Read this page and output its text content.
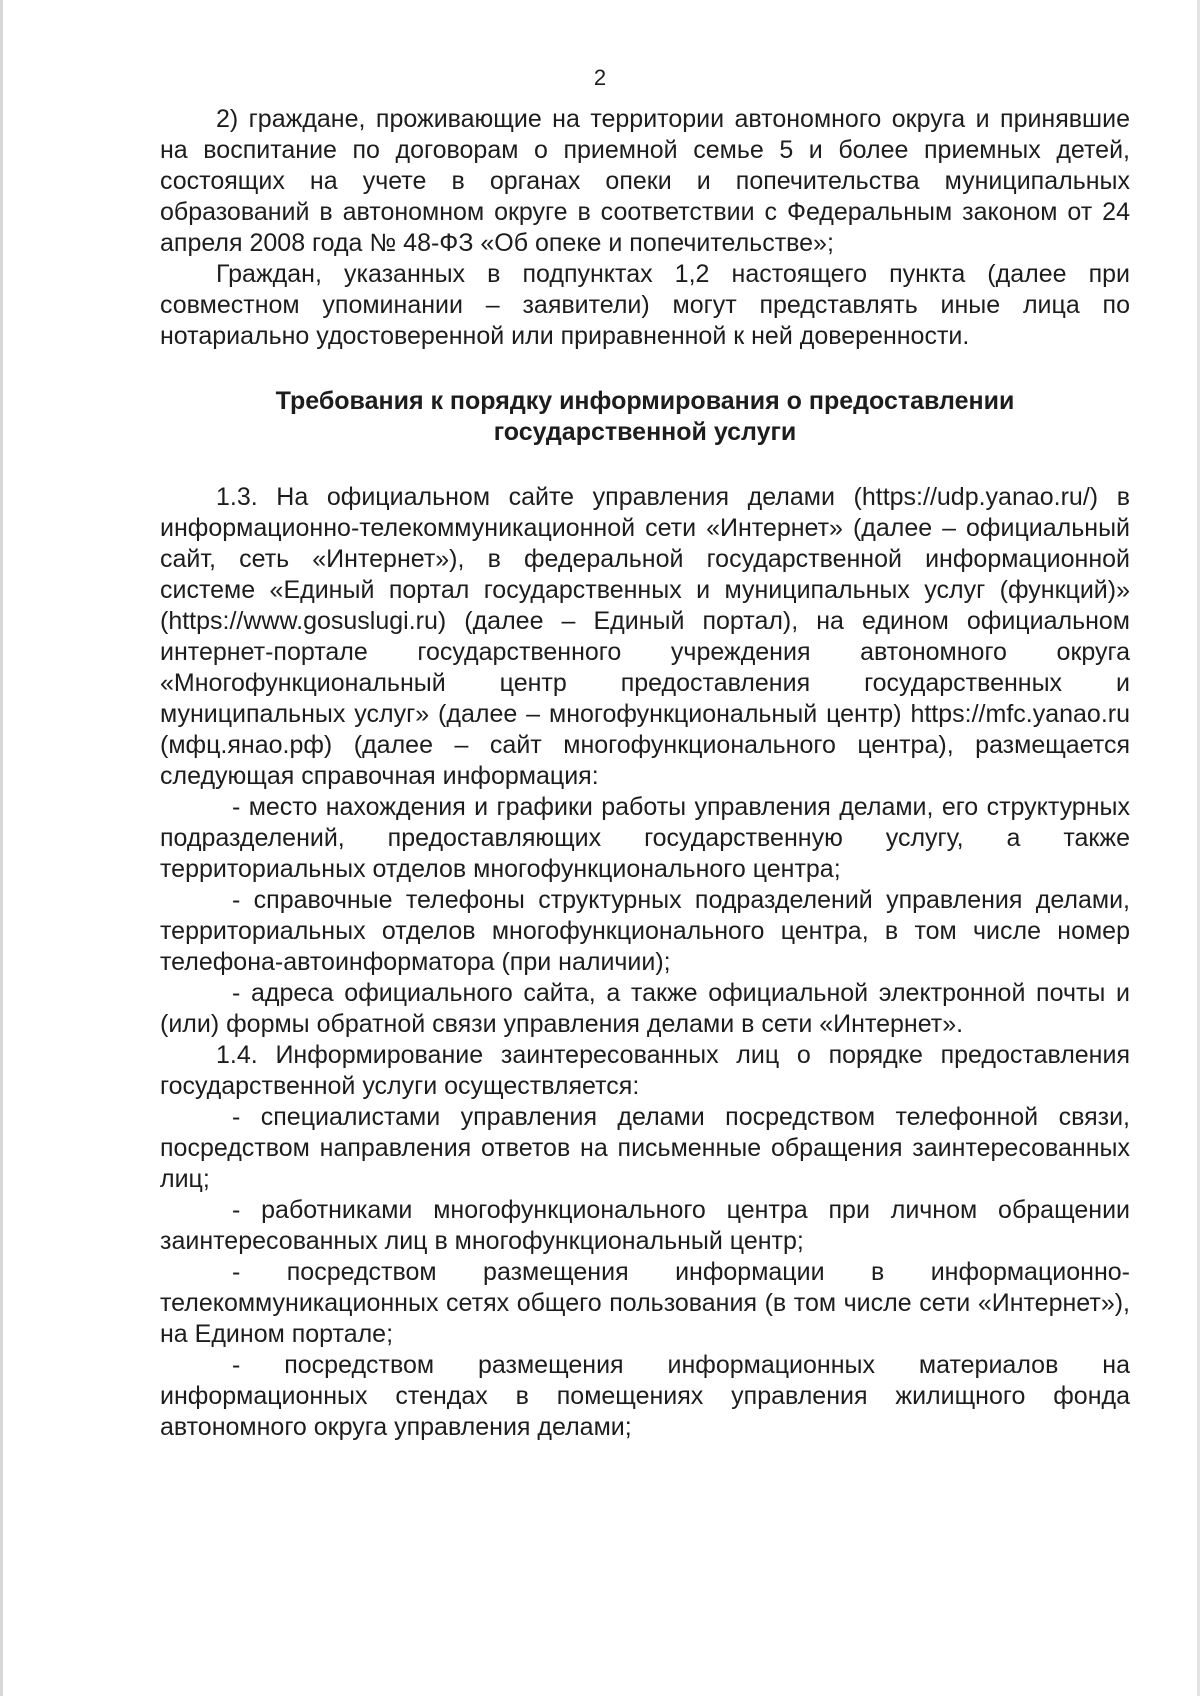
2

2) граждане, проживающие на территории автономного округа и принявшие на воспитание по договорам о приемной семье 5 и более приемных детей, состоящих на учете в органах опеки и попечительства муниципальных образований в автономном округе в соответствии с Федеральным законом от 24 апреля 2008 года № 48-ФЗ «Об опеке и попечительстве»;

Граждан, указанных в подпунктах 1,2 настоящего пункта (далее при совместном упоминании – заявители) могут представлять иные лица по нотариально удостоверенной или приравненной к ней доверенности.

Требования к порядку информирования о предоставлении
государственной услуги

1.3. На официальном сайте управления делами (https://udp.yanao.ru/) в информационно-телекоммуникационной сети «Интернет» (далее – официальный сайт, сеть «Интернет»), в федеральной государственной информационной системе «Единый портал государственных и муниципальных услуг (функций)» (https://www.gosuslugi.ru) (далее – Единый портал), на едином официальном интернет-портале государственного учреждения автономного округа «Многофункциональный центр предоставления государственных и муниципальных услуг» (далее – многофункциональный центр) https://mfc.yanao.ru (мфц.янао.рф) (далее – сайт многофункционального центра), размещается следующая справочная информация:

- место нахождения и графики работы управления делами, его структурных подразделений, предоставляющих государственную услугу, а также территориальных отделов многофункционального центра;

- справочные телефоны структурных подразделений управления делами, территориальных отделов многофункционального центра, в том числе номер телефона-автоинформатора (при наличии);

- адреса официального сайта, а также официальной электронной почты и (или) формы обратной связи управления делами в сети «Интернет».

1.4. Информирование заинтересованных лиц о порядке предоставления государственной услуги осуществляется:

- специалистами управления делами посредством телефонной связи, посредством направления ответов на письменные обращения заинтересованных лиц;

- работниками многофункционального центра при личном обращении заинтересованных лиц в многофункциональный центр;

- посредством размещения информации в информационно-телекоммуникационных сетях общего пользования (в том числе сети «Интернет»), на Едином портале;

- посредством размещения информационных материалов на информационных стендах в помещениях управления жилищного фонда автономного округа управления делами;
